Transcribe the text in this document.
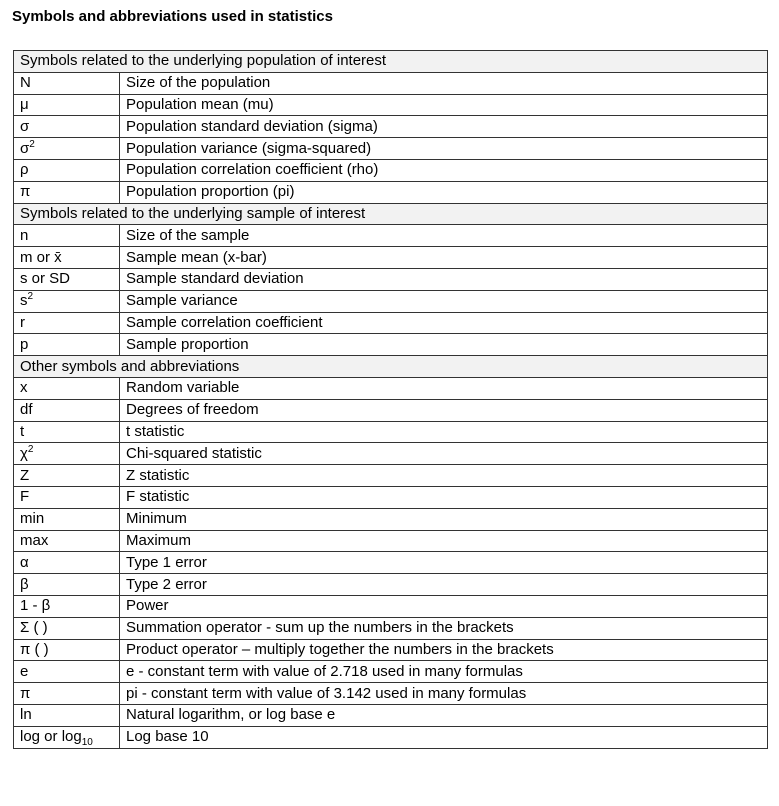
Symbols and abbreviations used in statistics
Symbols related to the underlying population of interest	
N	Size of the population
μ	Population mean (mu)
σ	Population standard deviation (sigma)
$\sigma^2$	Population variance (sigma-squared)
ρ	Population correlation coefficient (rho)
π	Population proportion (pi)
Symbols related to the underlying sample of interest	
n	Size of the sample
m or x̄	Sample mean (x-bar)
s or SD	Sample standard deviation
$s^2$	Sample variance
r	Sample correlation coefficient
p	Sample proportion
Other symbols and abbreviations	
x	Random variable
df	Degrees of freedom
t	t statistic
$\chi^2$	Chi-squared statistic
Z	Z statistic
F	F statistic
min	Minimum
max	Maximum
α	Type 1 error
β	Type 2 error
1 - β	Power
Σ ( )	Summation operator - sum up the numbers in the brackets
π ( )	Product operator – multiply together the numbers in the brackets
e	e - constant term with value of 2.718 used in many formulas
π	pi - constant term with value of 3.142 used in many formulas
ln	Natural logarithm, or log base e
log or $\log_{10}$	Log base 10
